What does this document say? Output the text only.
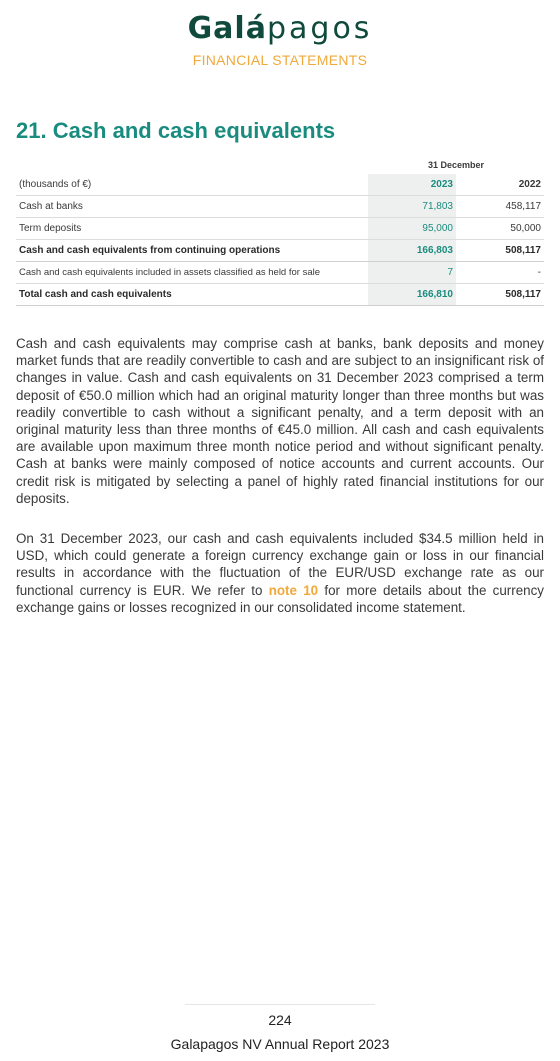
Galápagos
FINANCIAL STATEMENTS
21. Cash and cash equivalents
	31 December	
(thousands of €)	2023	2022
Cash at banks	71,803	458,117
Term deposits	95,000	50,000
Cash and cash equivalents from continuing operations	166,803	508,117
Cash and cash equivalents included in assets classified as held for sale	7	-
Total cash and cash equivalents	166,810	508,117

Cash and cash equivalents may comprise cash at banks, bank deposits and money market funds that are readily convertible to cash and are subject to an insignificant risk of changes in value. Cash and cash equivalents on 31 December 2023 comprised a term deposit of €50.0 million which had an original maturity longer than three months but was readily convertible to cash without a significant penalty, and a term deposit with an original maturity less than three months of €45.0 million. All cash and cash equivalents are available upon maximum three month notice period and without significant penalty. Cash at banks were mainly composed of notice accounts and current accounts. Our credit risk is mitigated by selecting a panel of highly rated financial institutions for our deposits.

On 31 December 2023, our cash and cash equivalents included $34.5 million held in USD, which could generate a foreign currency exchange gain or loss in our financial results in accordance with the fluctuation of the EUR/USD exchange rate as our functional currency is EUR. We refer to note 10 for more details about the currency exchange gains or losses recognized in our consolidated income statement.

224
Galapagos NV Annual Report 2023
